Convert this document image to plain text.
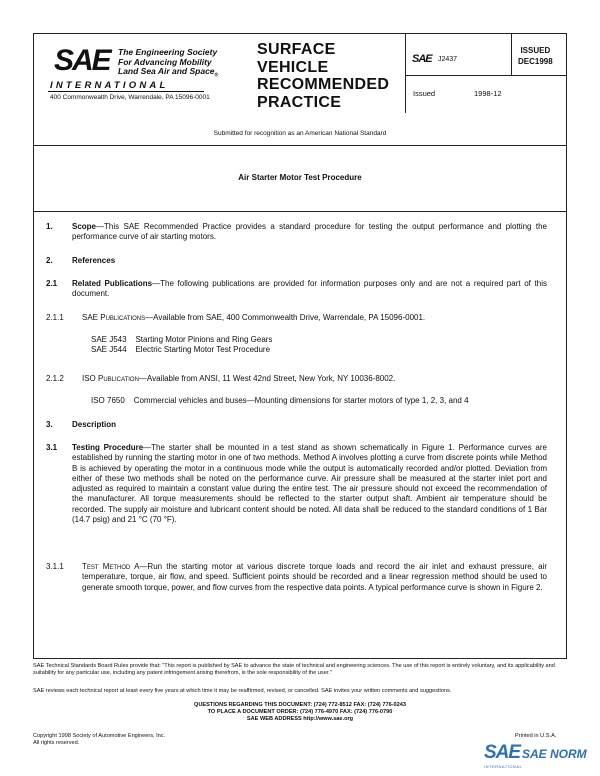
SAE The Engineering Society
For Advancing Mobility
Land Sea Air and Space$_®$
INTERNATIONAL
400 Commonwealth Drive, Warrendale, PA 15096-0001
SURFACE
VEHICLE
RECOMMENDED
PRACTICE
SAE J2437
ISSUED
DEC1998
Issued	1998-12
Submitted for recognition as an American National Standard
Air Starter Motor Test Procedure
1. Scope—This SAE Recommended Practice provides a standard procedure for testing the output performance and plotting the performance curve of air starting motors.
2. References
2.1 Related Publications—The following publications are provided for information purposes only and are not a required part of this document.
2.1.1 SAE Publications—Available from SAE, 400 Commonwealth Drive, Warrendale, PA 15096-0001.
SAE J543 Starting Motor Pinions and Ring Gears
SAE J544 Electric Starting Motor Test Procedure
2.1.2 ISO Publication—Available from ANSI, 11 West 42nd Street, New York, NY 10036-8002.
ISO 7650 Commercial vehicles and buses—Mounting dimensions for starter motors of type 1, 2, 3, and 4
3. Description
3.1 Testing Procedure—The starter shall be mounted in a test stand as shown schematically in Figure 1. Performance curves are established by running the starting motor in one of two methods. Method A involves plotting a curve from discrete points while Method B is achieved by operating the motor in a continuous mode while the output is automatically recorded and/or plotted. Deviation from either of these two methods shall be noted on the performance curve. Air pressure shall be measured at the starter inlet port and adjusted as required to maintain a constant value during the entire test. The air pressure should not exceed the recommendation of the manufacturer. All torque measurements should be reflected to the starter output shaft. Ambient air temperature should be recorded. The supply air moisture and lubricant content should be noted. All data shall be reduced to the standard conditions of 1 Bar (14.7 psig) and 21 °C (70 °F).
3.1.1 Test Method A—Run the starting motor at various discrete torque loads and record the air inlet and exhaust pressure, air temperature, torque, air flow, and speed. Sufficient points should be recorded and a linear regression method should be used to generate smooth torque, power, and flow curves from the respective data points. A typical performance curve is shown in Figure 2.
SAE Technical Standards Board Rules provide that: "This report is published by SAE to advance the state of technical and engineering sciences. The use of this report is entirely voluntary, and its applicability and suitability for any particular use, including any patent infringement arising therefrom, is the sole responsibility of the user."
SAE reviews each technical report at least every five years at which time it may be reaffirmed, revised, or cancelled. SAE invites your written comments and suggestions.
QUESTIONS REGARDING THIS DOCUMENT: (724) 772-8512 FAX: (724) 776-0243
TO PLACE A DOCUMENT ORDER: (724) 776-4970 FAX: (724) 776-0790
SAE WEB ADDRESS http://www.sae.org
Copyright 1998 Society of Automotive Engineers, Inc.
All rights reserved.
Printed in U.S.A.
SAE SAE NORM
INTERNATIONAL
